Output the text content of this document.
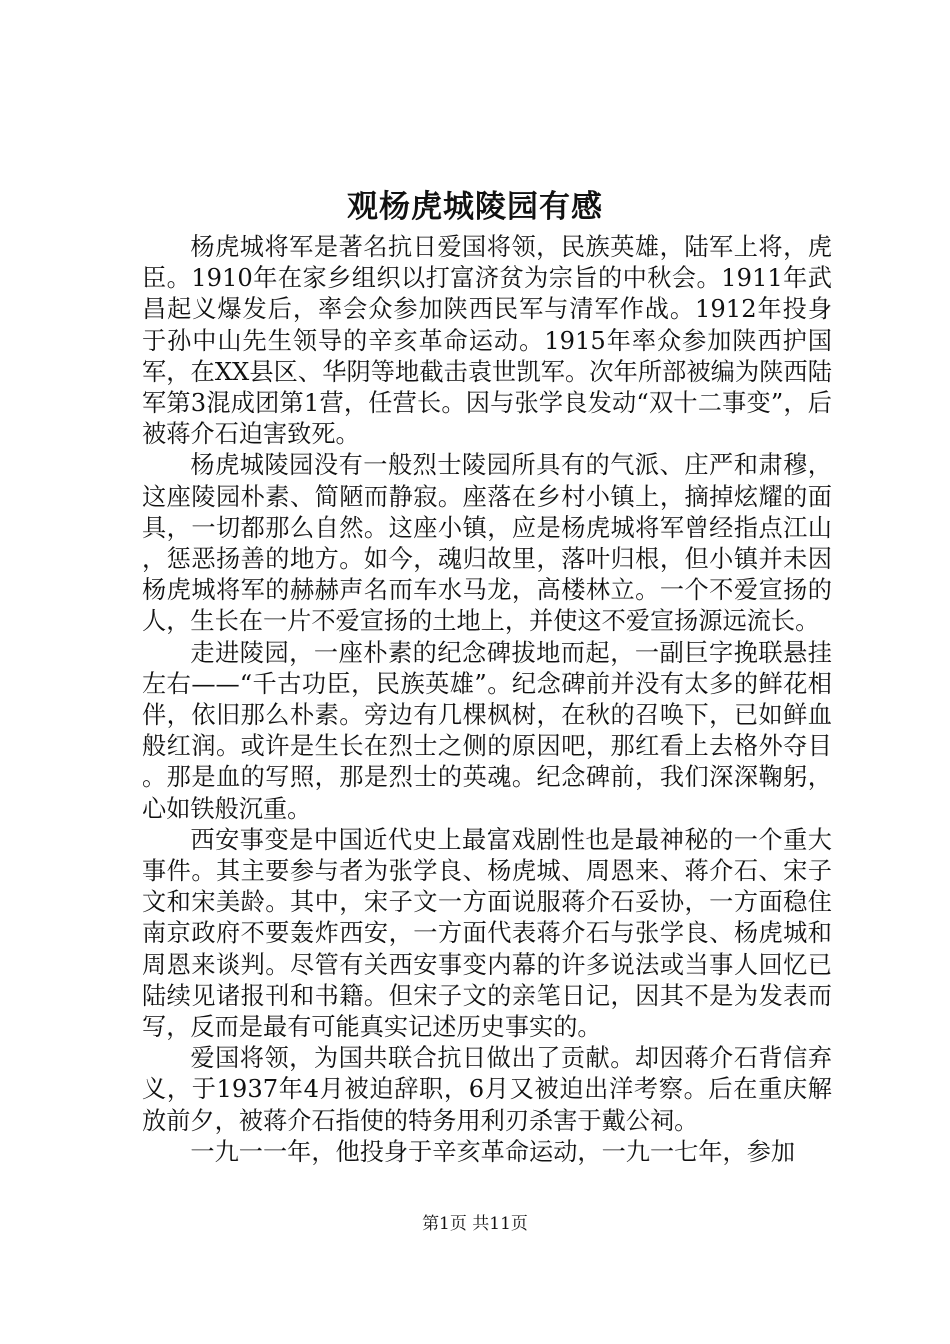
观杨虎城陵园有感

杨虎城将军是著名抗日爱国将领，民族英雄，陆军上将，虎臣。1910年在家乡组织以打富济贫为宗旨的中秋会。1911年武昌起义爆发后，率会众参加陕西民军与清军作战。1912年投身于孙中山先生领导的辛亥革命运动。1915年率众参加陕西护国军，在XX县区、华阴等地截击袁世凯军。次年所部被编为陕西陆军第3混成团第1营，任营长。因与张学良发动“双十二事变”，后被蒋介石迫害致死。

杨虎城陵园没有一般烈士陵园所具有的气派、庄严和肃穆，这座陵园朴素、简陋而静寂。座落在乡村小镇上，摘掉炫耀的面具，一切都那么自然。这座小镇，应是杨虎城将军曾经指点江山，惩恶扬善的地方。如今，魂归故里，落叶归根，但小镇并未因杨虎城将军的赫赫声名而车水马龙，高楼林立。一个不爱宣扬的人，生长在一片不爱宣扬的土地上，并使这不爱宣扬源远流长。

走进陵园，一座朴素的纪念碑拔地而起，一副巨字挽联悬挂左右——“千古功臣，民族英雄”。纪念碑前并没有太多的鲜花相伴，依旧那么朴素。旁边有几棵枫树，在秋的召唤下，已如鲜血般红润。或许是生长在烈士之侧的原因吧，那红看上去格外夺目。那是血的写照，那是烈士的英魂。纪念碑前，我们深深鞠躬，心如铁般沉重。

西安事变是中国近代史上最富戏剧性也是最神秘的一个重大事件。其主要参与者为张学良、杨虎城、周恩来、蒋介石、宋子文和宋美龄。其中，宋子文一方面说服蒋介石妥协，一方面稳住南京政府不要轰炸西安，一方面代表蒋介石与张学良、杨虎城和周恩来谈判。尽管有关西安事变内幕的许多说法或当事人回忆已陆续见诸报刊和书籍。但宋子文的亲笔日记，因其不是为发表而写，反而是最有可能真实记述历史事实的。

爱国将领，为国共联合抗日做出了贡献。却因蒋介石背信弃义，于1937年4月被迫辞职，6月又被迫出洋考察。后在重庆解放前夕，被蒋介石指使的特务用利刃杀害于戴公祠。

一九一一年，他投身于辛亥革命运动，一九一七年，参加

第1页 共11页
